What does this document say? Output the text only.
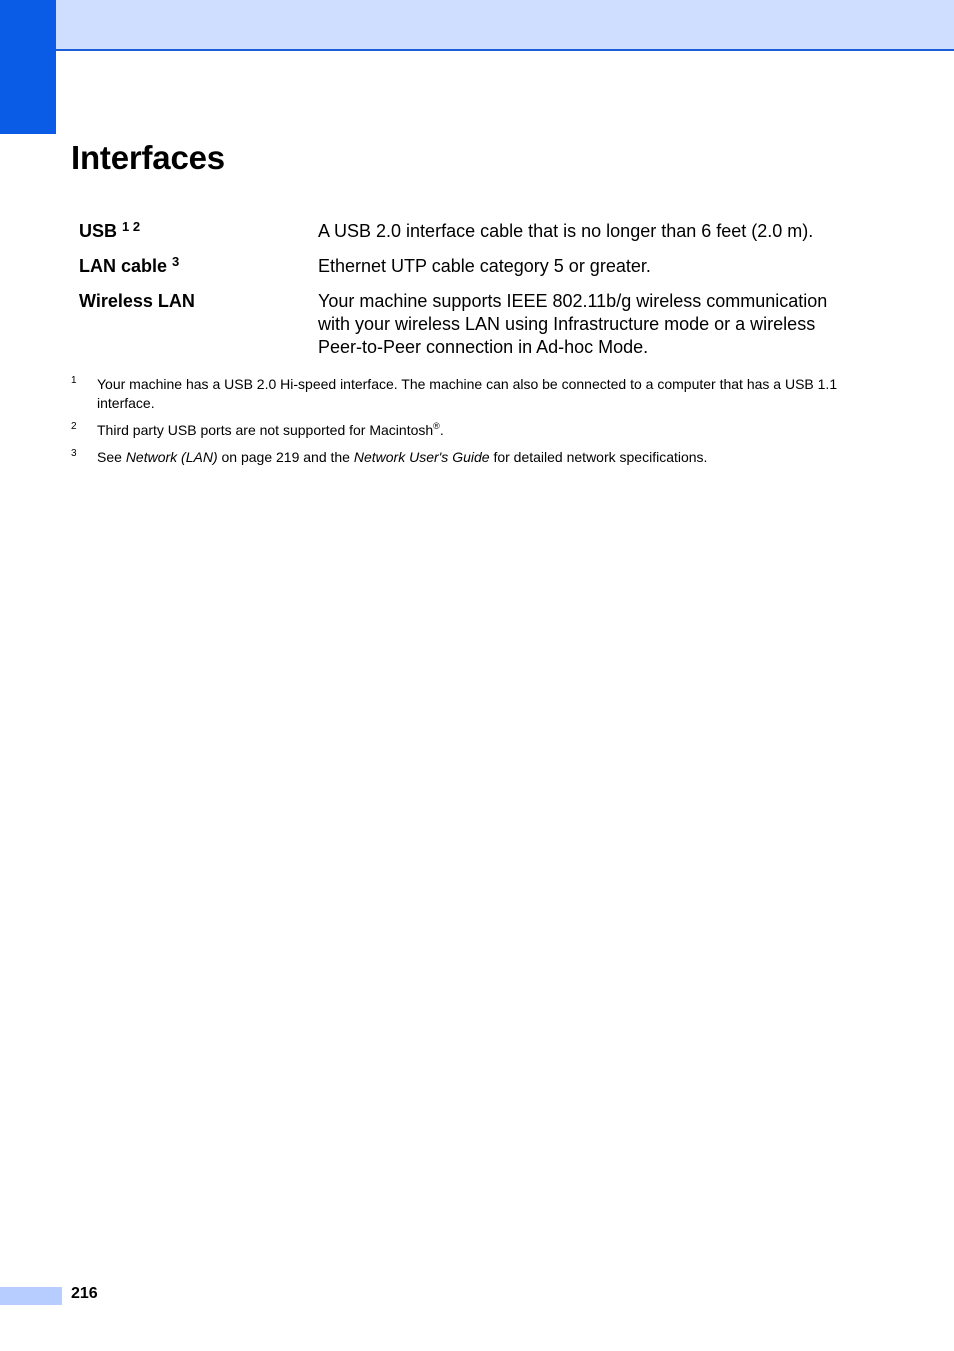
Interfaces
USB $^{1 2}$	A USB 2.0 interface cable that is no longer than 6 feet (2.0 m).
LAN cable $^3$	Ethernet UTP cable category 5 or greater.
Wireless LAN	Your machine supports IEEE 802.11b/g wireless communication with your wireless LAN using Infrastructure mode or a wireless Peer-to-Peer connection in Ad-hoc Mode.
1	Your machine has a USB 2.0 Hi-speed interface. The machine can also be connected to a computer that has a USB 1.1 interface.
2	Third party USB ports are not supported for Macintosh®.
3	See Network (LAN) on page 219 and the Network User's Guide for detailed network specifications.
216
